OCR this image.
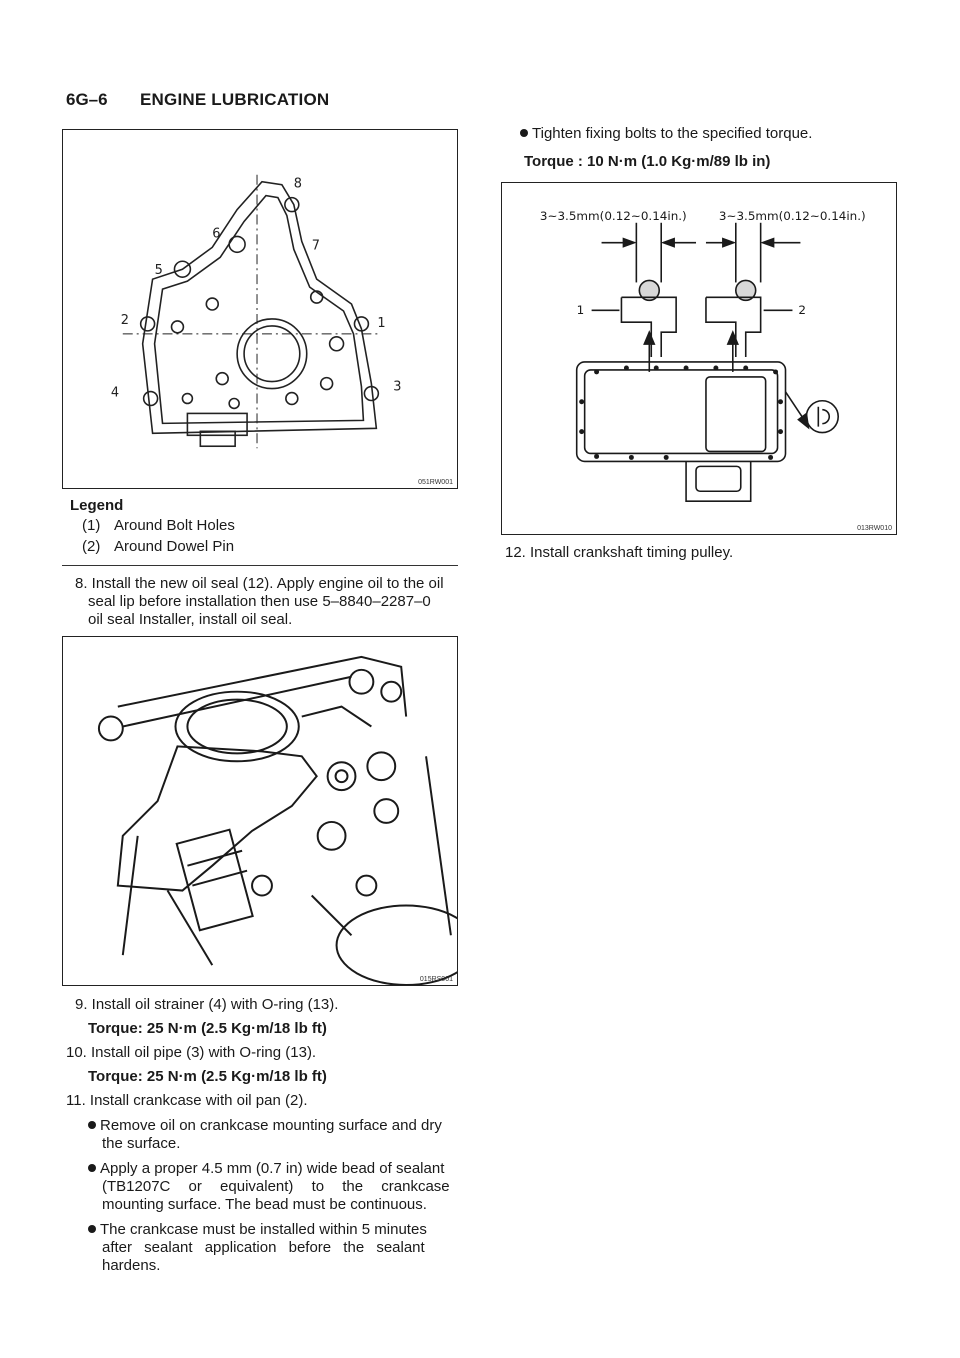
6G–6 ENGINE LUBRICATION
8
6
7
5
2	1
4	3
051RW001
Legend
(1) Around Bolt Holes
(2) Around Dowel Pin
8. Install the new oil seal (12). Apply engine oil to the oil
seal lip before installation then use 5–8840–2287–0
oil seal Installer, install oil seal.
015RS001
9. Install oil strainer (4) with O-ring (13).
Torque: 25 N·m (2.5 Kg·m/18 lb ft)
10. Install oil pipe (3) with O-ring (13).
Torque: 25 N·m (2.5 Kg·m/18 lb ft)
11. Install crankcase with oil pan (2).
Remove oil on crankcase mounting surface and dry
the surface.
Apply a proper 4.5 mm (0.7 in) wide bead of sealant
(TB1207C or equivalent) to the crankcase
mounting surface. The bead must be continuous.
The crankcase must be installed within 5 minutes
after sealant application before the sealant
hardens.
Tighten fixing bolts to the specified torque.
Torque : 10 N·m (1.0 Kg·m/89 lb in)
3~3.5mm(0.12~0.14in.)	3~3.5mm(0.12~0.14in.)
1	2
013RW010
12. Install crankshaft timing pulley.
